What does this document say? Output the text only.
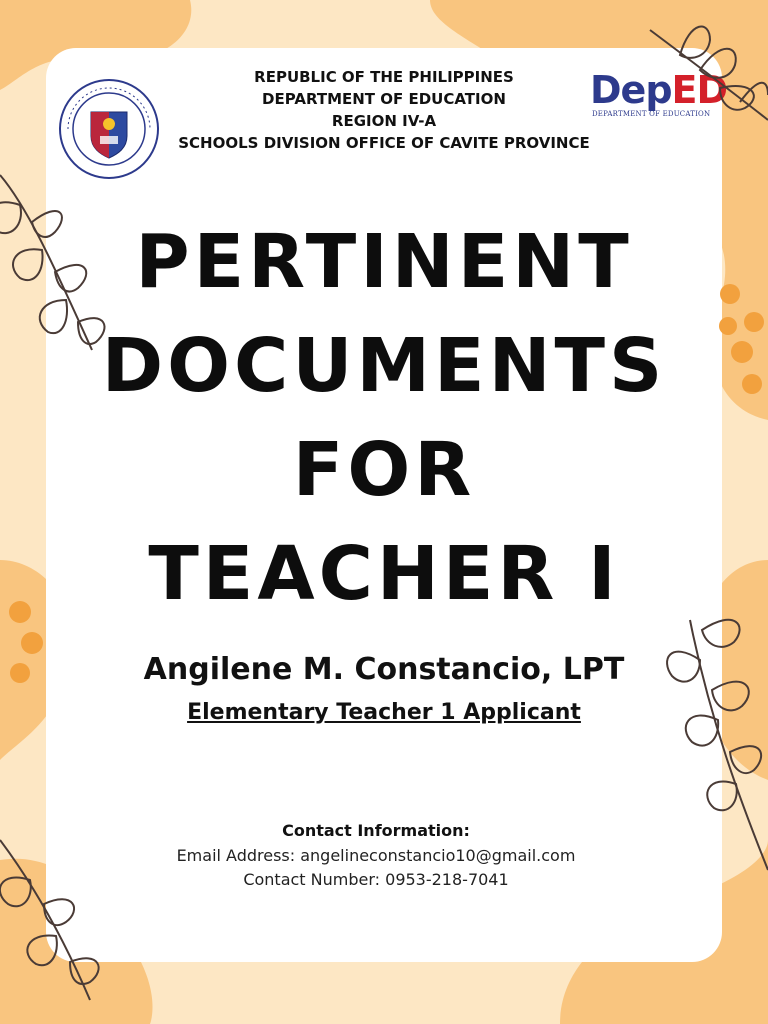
DepED
DEPARTMENT OF EDUCATION
REPUBLIC OF THE PHILIPPINES
DEPARTMENT OF EDUCATION
REGION IV-A
SCHOOLS DIVISION OFFICE OF CAVITE PROVINCE
PERTINENT
DOCUMENTS
FOR
TEACHER I
Angilene M. Constancio, LPT
Elementary Teacher 1 Applicant
Contact Information:
Email Address: angelineconstancio10@gmail.com
Contact Number: 0953-218-7041
